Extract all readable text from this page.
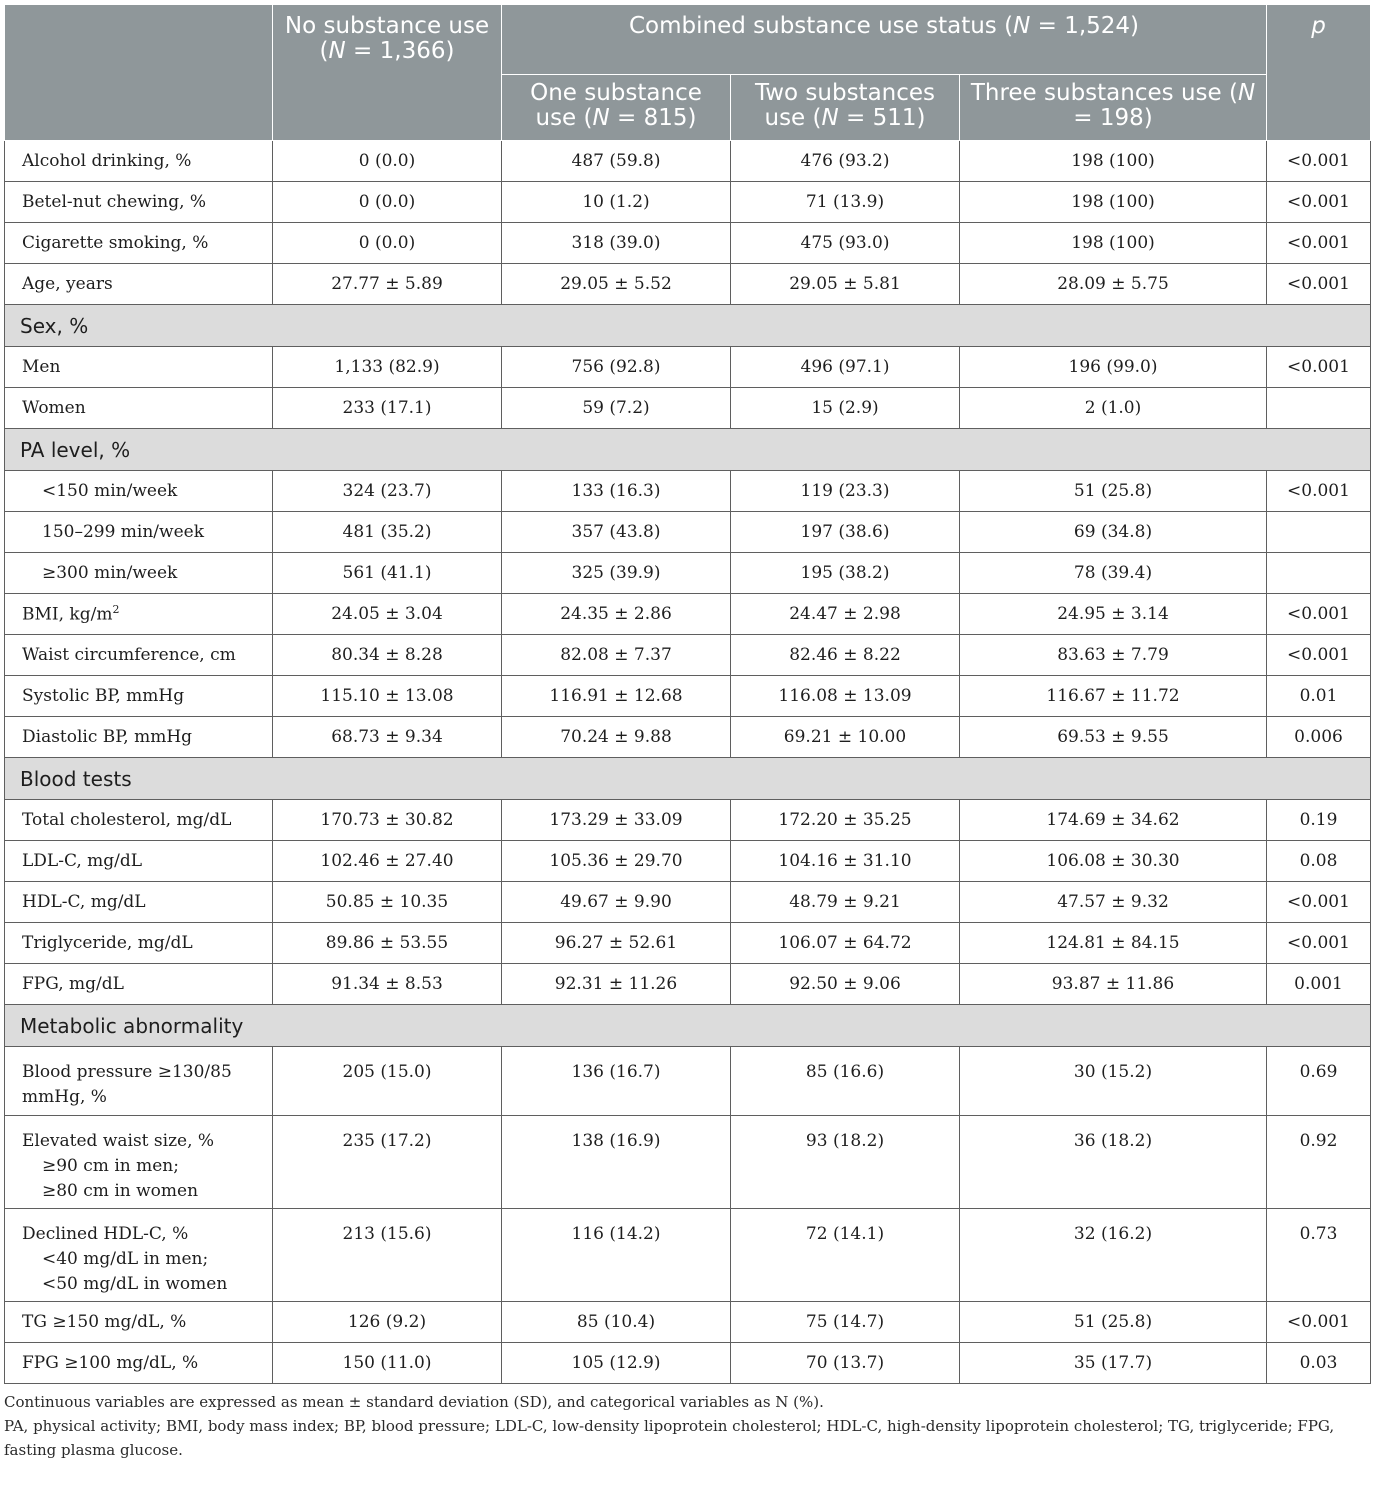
	No substance use (N = 1,366)	Combined substance use status (N = 1,524)			p
		One substance use (N = 815)	Two substances use (N = 511)	Three substances use (N = 198)	
Alcohol drinking, %	0 (0.0)	487 (59.8)	476 (93.2)	198 (100)	<0.001
Betel-nut chewing, %	0 (0.0)	10 (1.2)	71 (13.9)	198 (100)	<0.001
Cigarette smoking, %	0 (0.0)	318 (39.0)	475 (93.0)	198 (100)	<0.001
Age, years	27.77 ± 5.89	29.05 ± 5.52	29.05 ± 5.81	28.09 ± 5.75	<0.001
Sex, %					
Men	1,133 (82.9)	756 (92.8)	496 (97.1)	196 (99.0)	<0.001
Women	233 (17.1)	59 (7.2)	15 (2.9)	2 (1.0)	
PA level, %					
<150 min/week	324 (23.7)	133 (16.3)	119 (23.3)	51 (25.8)	<0.001
150–299 min/week	481 (35.2)	357 (43.8)	197 (38.6)	69 (34.8)	
≥300 min/week	561 (41.1)	325 (39.9)	195 (38.2)	78 (39.4)	
BMI, $kg/m^2$	24.05 ± 3.04	24.35 ± 2.86	24.47 ± 2.98	24.95 ± 3.14	<0.001
Waist circumference, cm	80.34 ± 8.28	82.08 ± 7.37	82.46 ± 8.22	83.63 ± 7.79	<0.001
Systolic BP, mmHg	115.10 ± 13.08	116.91 ± 12.68	116.08 ± 13.09	116.67 ± 11.72	0.01
Diastolic BP, mmHg	68.73 ± 9.34	70.24 ± 9.88	69.21 ± 10.00	69.53 ± 9.55	0.006
Blood tests					
Total cholesterol, mg/dL	170.73 ± 30.82	173.29 ± 33.09	172.20 ± 35.25	174.69 ± 34.62	0.19
LDL-C, mg/dL	102.46 ± 27.40	105.36 ± 29.70	104.16 ± 31.10	106.08 ± 30.30	0.08
HDL-C, mg/dL	50.85 ± 10.35	49.67 ± 9.90	48.79 ± 9.21	47.57 ± 9.32	<0.001
Triglyceride, mg/dL	89.86 ± 53.55	96.27 ± 52.61	106.07 ± 64.72	124.81 ± 84.15	<0.001
FPG, mg/dL	91.34 ± 8.53	92.31 ± 11.26	92.50 ± 9.06	93.87 ± 11.86	0.001
Metabolic abnormality					
Blood pressure ≥130/85 mmHg, %	205 (15.0)	136 (16.7)	85 (16.6)	30 (15.2)	0.69
Elevated waist size, %
≥90 cm in men;
≥80 cm in women	235 (17.2)	138 (16.9)	93 (18.2)	36 (18.2)	0.92
Declined HDL-C, %
<40 mg/dL in men;
<50 mg/dL in women	213 (15.6)	116 (14.2)	72 (14.1)	32 (16.2)	0.73
TG ≥150 mg/dL, %	126 (9.2)	85 (10.4)	75 (14.7)	51 (25.8)	<0.001
FPG ≥100 mg/dL, %	150 (11.0)	105 (12.9)	70 (13.7)	35 (17.7)	0.03
Continuous variables are expressed as mean ± standard deviation (SD), and categorical variables as N (%).
PA, physical activity; BMI, body mass index; BP, blood pressure; LDL-C, low-density lipoprotein cholesterol; HDL-C, high-density lipoprotein cholesterol; TG, triglyceride; FPG, fasting plasma glucose.
